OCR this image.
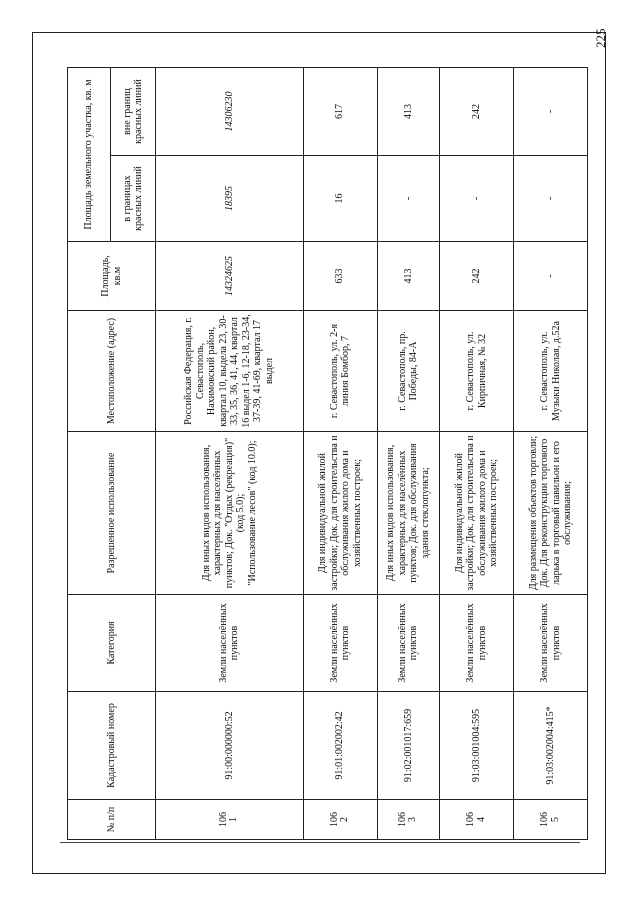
225
№ п/п	Кадастровый номер	Категория	Разрешенное использование	Местоположение (адрес)	Площадь, кв.м	Площадь земельного участка, кв. м	
						в границах красных линий	вне границ красных линий
106
1	91:00:000000:52	Земли населённых пунктов	Для иных видов использования, характерных для населённых пунктов; Док. "Отдых (рекреация)" (код 5.0); "Использование лесов" (код 10.0);	Российская Федерация, г. Севастополь, Нахимовский район, квартал 10, выдела 23, 30-33, 35, 36, 41, 44, квартал 16 выдел 1-6, 12-18, 23-34, 37-39, 41-69, квартал 17 выдел	14324625	18395	14306230
106
2	91:01:002002:42	Земли населённых пунктов	Для индивидуальной жилой застройки; Док. для строительства и обслуживания жилого дома и хозяйственных построек;	г. Севастополь, ул. 2-я линия Бомбор, 7	633	16	617
106
3	91:02:001017:659	Земли населённых пунктов	Для иных видов использования, характерных для населённых пунктов; Док. для обслуживания здания стеклопункта;	г. Севастополь, пр. Победы, 84-А	413	-	413
106
4	91:03:001004:595	Земли населённых пунктов	Для индивидуальной жилой застройки; Док. для строительства и обслуживания жилого дома и хозяйственных построек;	г. Севастополь, ул. Кирпичная, № 32	242	-	242
106
5	91:03:002004:415*	Земли населённых пунктов	Для размещения объектов торговли; Док. Для реконструкции торгового ларька в торговый павильон и его обслуживания;	г. Севастополь, ул. Музыки Николая, д.52а	-	-	-
